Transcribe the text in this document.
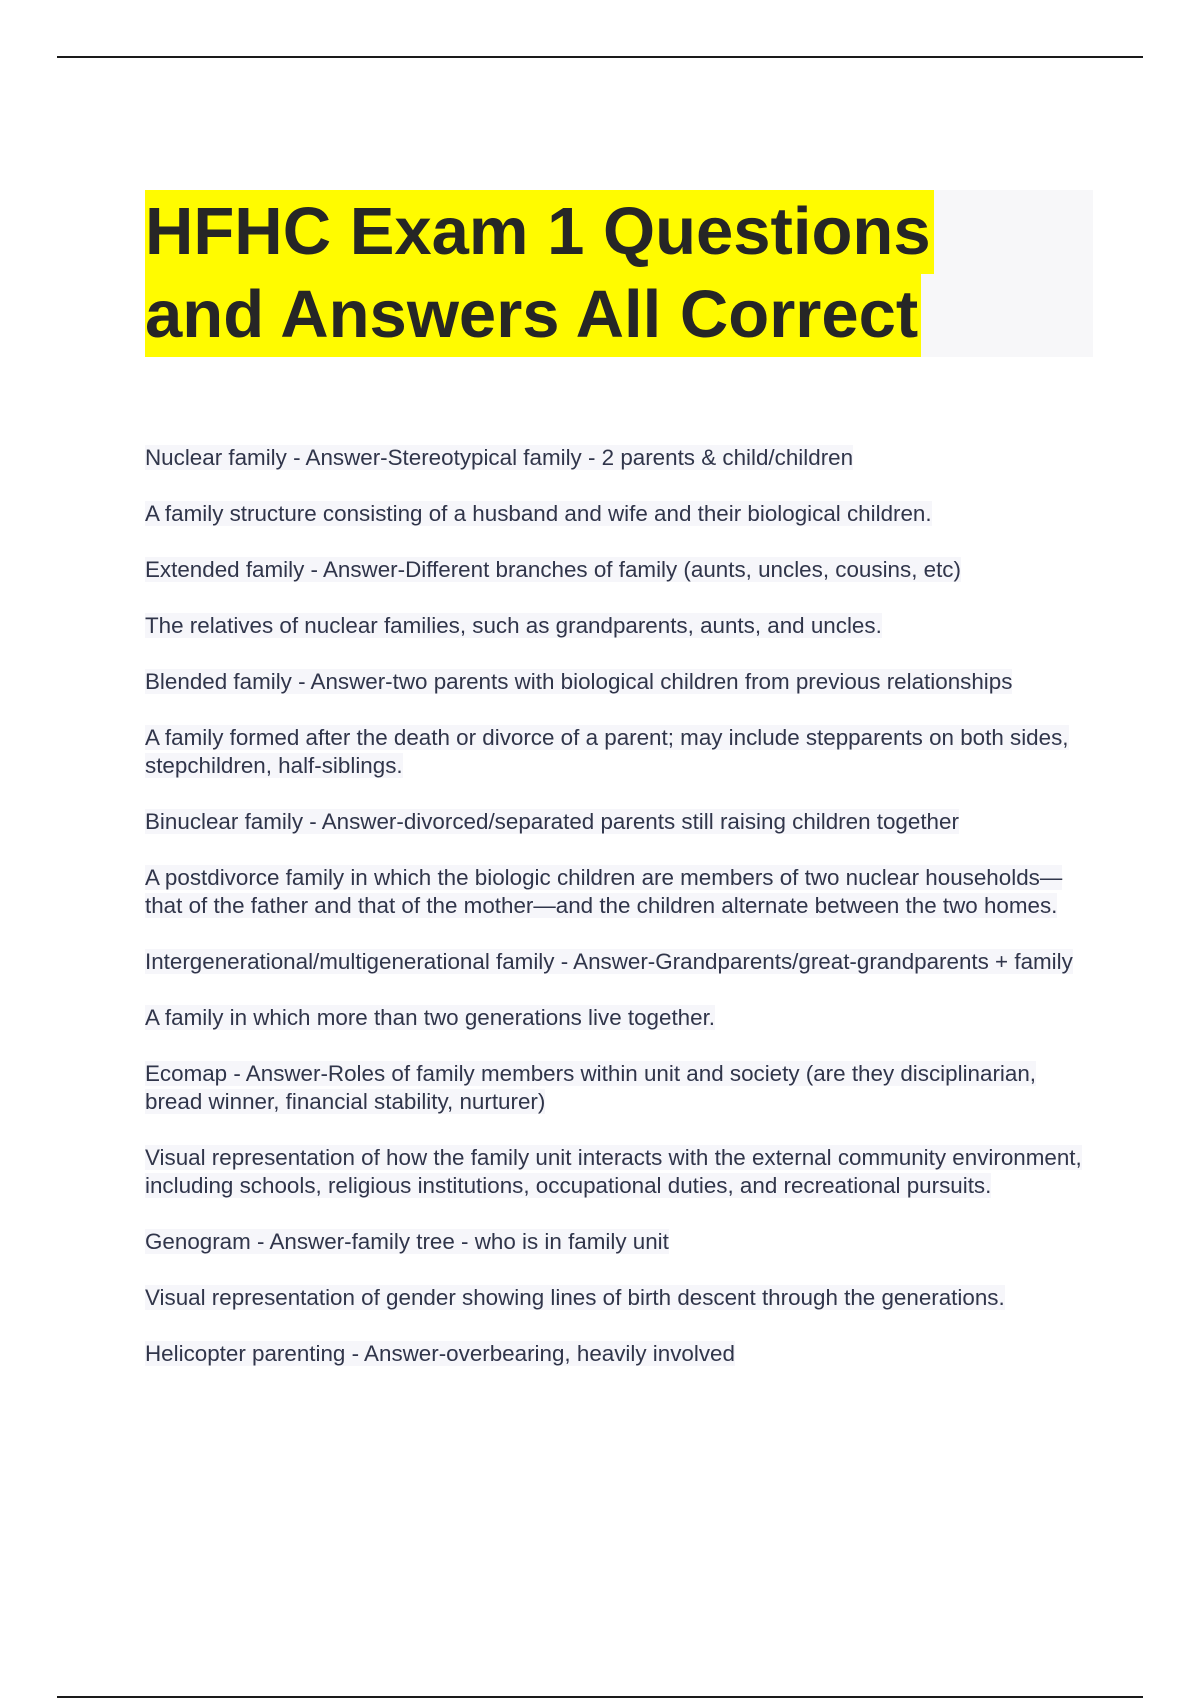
HFHC Exam 1 Questions
and Answers All Correct

Nuclear family - Answer-Stereotypical family - 2 parents & child/children

A family structure consisting of a husband and wife and their biological children.

Extended family - Answer-Different branches of family (aunts, uncles, cousins, etc)

The relatives of nuclear families, such as grandparents, aunts, and uncles.

Blended family - Answer-two parents with biological children from previous relationships

A family formed after the death or divorce of a parent; may include stepparents on both sides, stepchildren, half-siblings.

Binuclear family - Answer-divorced/separated parents still raising children together

A postdivorce family in which the biologic children are members of two nuclear households—that of the father and that of the mother—and the children alternate between the two homes.

Intergenerational/multigenerational family - Answer-Grandparents/great-grandparents + family

A family in which more than two generations live together.

Ecomap - Answer-Roles of family members within unit and society (are they disciplinarian, bread winner, financial stability, nurturer)

Visual representation of how the family unit interacts with the external community environment, including schools, religious institutions, occupational duties, and recreational pursuits.

Genogram - Answer-family tree - who is in family unit

Visual representation of gender showing lines of birth descent through the generations.

Helicopter parenting - Answer-overbearing, heavily involved
